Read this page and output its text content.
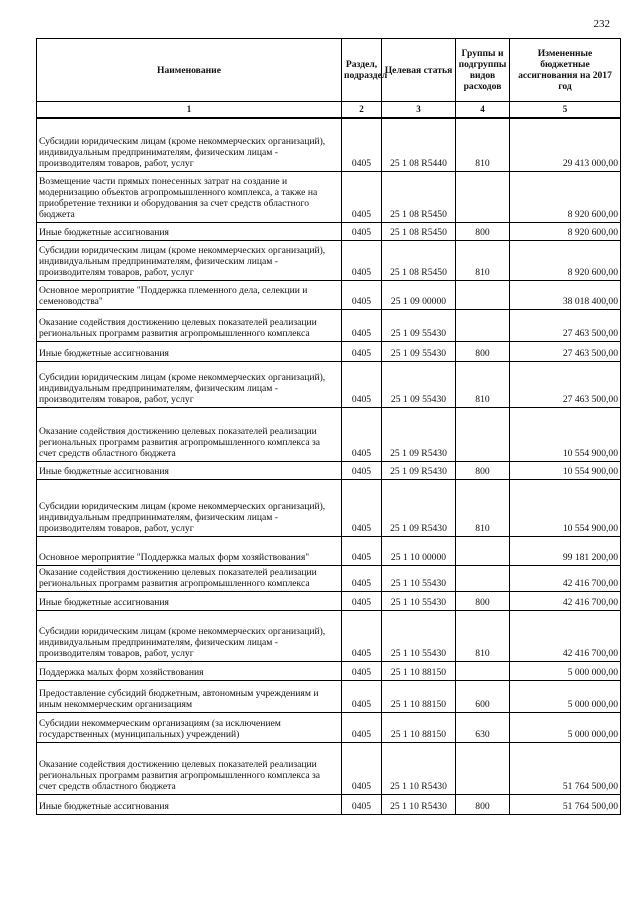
232
Наименование	Раздел, подраздел	Целевая статья	Группы и подгруппы видов расходов	Измененные бюджетные ассигнования на 2017 год
1	2	3	4	5
Субсидии юридическим лицам (кроме некоммерческих организаций), индивидуальным предпринимателям, физическим лицам - производителям товаров, работ, услуг	0405	25 1 08 R5440	810	29 413 000,00
Возмещение части прямых понесенных затрат на создание и модернизацию объектов агропромышленного комплекса, а также на приобретение техники и оборудования за счет средств областного бюджета	0405	25 1 08 R5450		8 920 600,00
Иные бюджетные ассигнования	0405	25 1 08 R5450	800	8 920 600,00
Субсидии юридическим лицам (кроме некоммерческих организаций), индивидуальным предпринимателям, физическим лицам - производителям товаров, работ, услуг	0405	25 1 08 R5450	810	8 920 600,00
Основное мероприятие "Поддержка племенного дела, селекции и семеноводства"	0405	25 1 09 00000		38 018 400,00
Оказание содействия достижению целевых показателей реализации региональных программ развития агропромышленного комплекса	0405	25 1 09 55430		27 463 500,00
Иные бюджетные ассигнования	0405	25 1 09 55430	800	27 463 500,00
Субсидии юридическим лицам (кроме некоммерческих организаций), индивидуальным предпринимателям, физическим лицам - производителям товаров, работ, услуг	0405	25 1 09 55430	810	27 463 500,00
Оказание содействия достижению целевых показателей реализации региональных программ развития агропромышленного комплекса за счет средств областного бюджета	0405	25 1 09 R5430		10 554 900,00
Иные бюджетные ассигнования	0405	25 1 09 R5430	800	10 554 900,00
Субсидии юридическим лицам (кроме некоммерческих организаций), индивидуальным предпринимателям, физическим лицам - производителям товаров, работ, услуг	0405	25 1 09 R5430	810	10 554 900,00
Основное мероприятие "Поддержка малых форм хозяйствования"	0405	25 1 10 00000		99 181 200,00
Оказание содействия достижению целевых показателей реализации региональных программ развития агропромышленного комплекса	0405	25 1 10 55430		42 416 700,00
Иные бюджетные ассигнования	0405	25 1 10 55430	800	42 416 700,00
Субсидии юридическим лицам (кроме некоммерческих организаций), индивидуальным предпринимателям, физическим лицам - производителям товаров, работ, услуг	0405	25 1 10 55430	810	42 416 700,00
Поддержка малых форм хозяйствования	0405	25 1 10 88150		5 000 000,00
Предоставление субсидий бюджетным, автономным учреждениям и иным некоммерческим организациям	0405	25 1 10 88150	600	5 000 000,00
Субсидии некоммерческим организациям (за исключением государственных (муниципальных) учреждений)	0405	25 1 10 88150	630	5 000 000,00
Оказание содействия достижению целевых показателей реализации региональных программ развития агропромышленного комплекса за счет средств областного бюджета	0405	25 1 10 R5430		51 764 500,00
Иные бюджетные ассигнования	0405	25 1 10 R5430	800	51 764 500,00
